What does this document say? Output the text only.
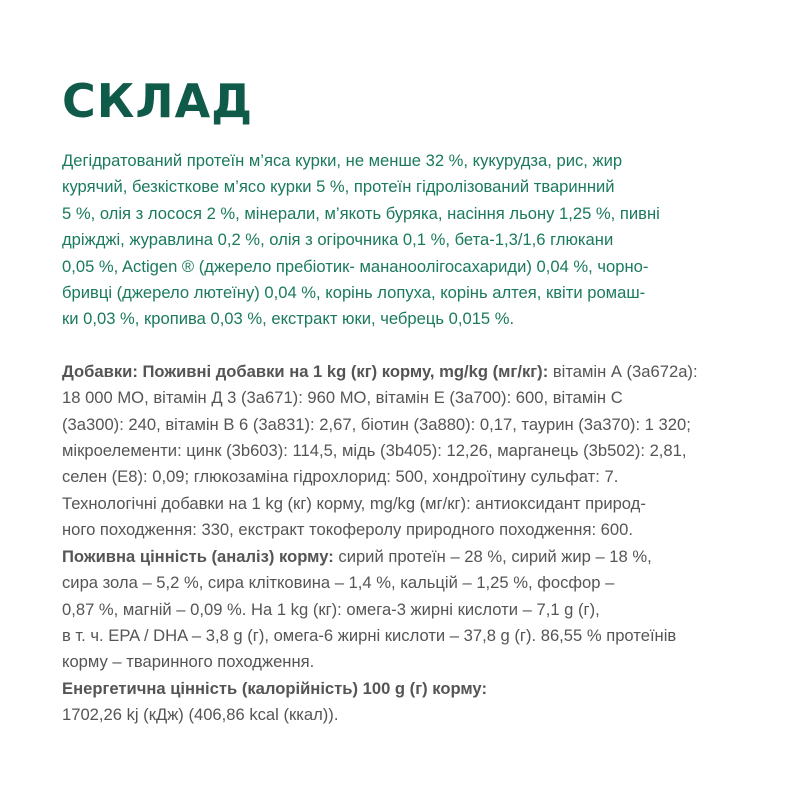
СКЛАД
Дегідратований протеїн м’яса курки, не менше 32 %, кукурудза, рис, жир
курячий, безкісткове м’ясо курки 5 %, протеїн гідролізований тваринний
5 %, олія з лосося 2 %, мінерали, м’якоть буряка, насіння льону 1,25 %, пивні
дріжджі, журавлина 0,2 %, олія з огірочника 0,1 %, бета-1,3/1,6 глюкани
0,05 %, Actigen ® (джерело пребіотик- мананоолігосахариди) 0,04 %, чорно-
бривці (джерело лютеїну) 0,04 %, корінь лопуха, корінь алтея, квіти ромаш-
ки 0,03 %, кропива 0,03 %, екстракт юки, чебрець 0,015 %.
Добавки: Поживні добавки на 1 kg (кг) корму, mg/kg (мг/кг): вітамін А (3а672а):
18 000 МО, вітамін Д 3 (3а671): 960 МО, вітамін Е (3а700): 600, вітамін С
(3а300): 240, вітамін В 6 (3а831): 2,67, біотин (3а880): 0,17, таурин (3а370): 1 320;
мікроелементи: цинк (3b603): 114,5, мідь (3b405): 12,26, марганець (3b502): 2,81,
селен (Е8): 0,09; глюкозаміна гідрохлорид: 500, хондроїтину сульфат: 7.
Технологічні добавки на 1 kg (кг) корму, mg/kg (мг/кг): антиоксидант природ-
ного походження: 330, екстракт токоферолу природного походження: 600.
Поживна цінність (аналіз) корму: сирий протеїн – 28 %, сирий жир – 18 %,
сира зола – 5,2 %, сира клітковина – 1,4 %, кальцій – 1,25 %, фосфор –
0,87 %, магній – 0,09 %. На 1 kg (кг): омега-3 жирні кислоти – 7,1 g (г),
в т. ч. EPA / DHA – 3,8 g (г), омега-6 жирні кислоти – 37,8 g (г). 86,55 % протеїнів
корму – тваринного походження.
Енергетична цінність (калорійність) 100 g (г) корму:
1702,26 kj (кДж) (406,86 kcal (ккал)).
